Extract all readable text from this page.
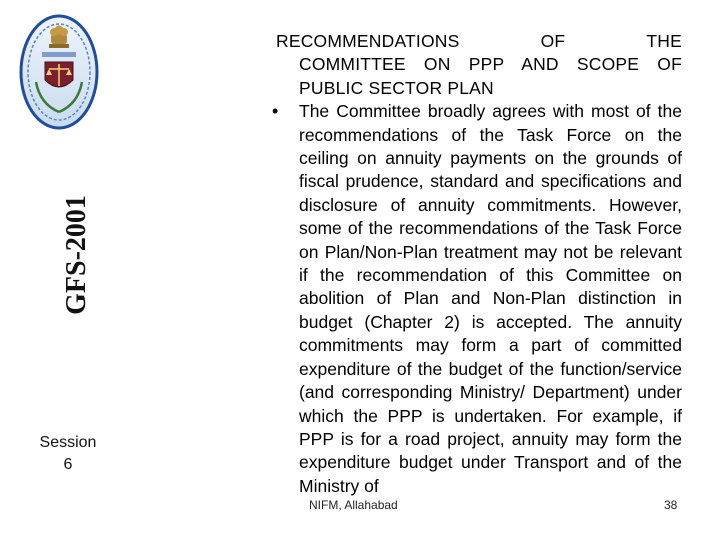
GFS-2001
Session
6
RECOMMENDATIONS	OF	THE
COMMITTEE ON PPP AND SCOPE OF PUBLIC SECTOR PLAN
• The Committee broadly agrees with most of the recommendations of the Task Force on the ceiling on annuity payments on the grounds of fiscal prudence, standard and specifications and disclosure of annuity commitments. However, some of the recommendations of the Task Force on Plan/Non-Plan treatment may not be relevant if the recommendation of this Committee on abolition of Plan and Non-Plan distinction in budget (Chapter 2) is accepted. The annuity commitments may form a part of committed expenditure of the budget of the function/service (and corresponding Ministry/ Department) under which the PPP is undertaken. For example, if PPP is for a road project, annuity may form the expenditure budget under Transport and of the Ministry of
NIFM, Allahabad	38
